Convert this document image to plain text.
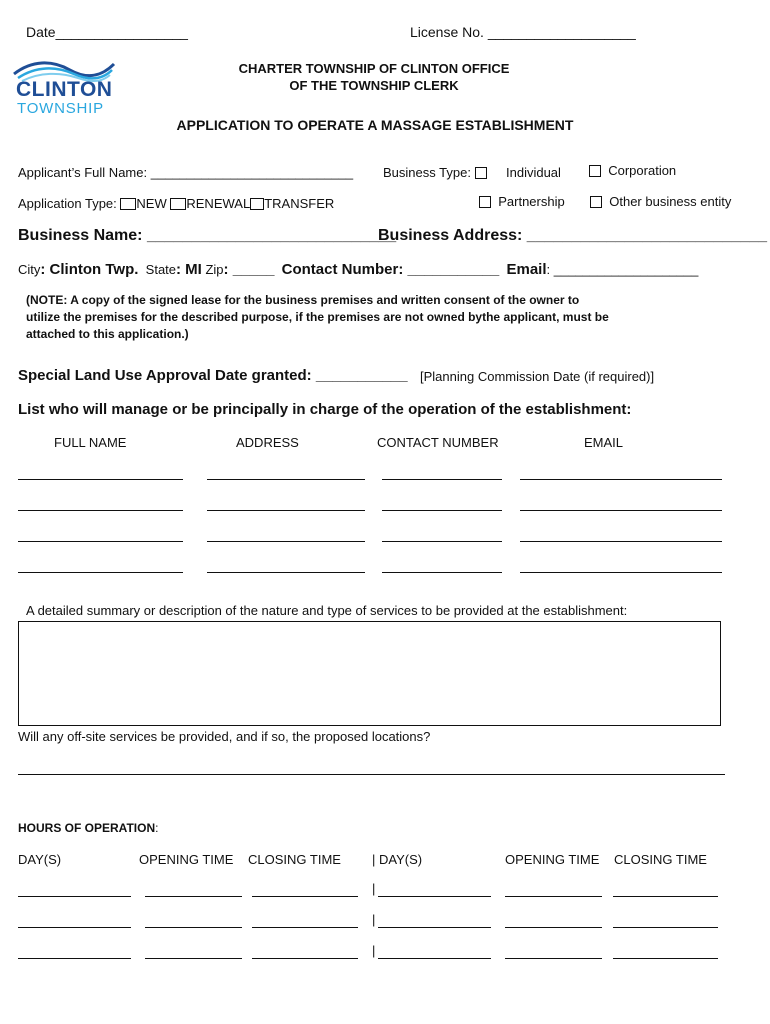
Date_________________	License No. ___________________
CLINTON
TOWNSHIP
CHARTER TOWNSHIP OF CLINTON OFFICE
OF THE TOWNSHIP CLERK
APPLICATION TO OPERATE A MASSAGE ESTABLISHMENT
Applicant’s Full Name: ____________________________ Business Type:	Individual	Corporation
Application Type: NEW RENEWAL TRANSFER	Partnership	Other business entity
Business Name: ____________________________
Business Address: ___________________________
City: Clinton Twp. State: MI Zip: _____ Contact Number: ___________ Email: ____________________
(NOTE: A copy of the signed lease for the business premises and written consent of the owner to
utilize the premises for the described purpose, if the premises are not owned bythe applicant, must be
attached to this application.)
Special Land Use Approval Date granted: ___________ [Planning Commission Date (if required)]
List who will manage or be principally in charge of the operation of the establishment:
FULL NAME	ADDRESS	CONTACT NUMBER	EMAIL
A detailed summary or description of the nature and type of services to be provided at the establishment:
Will any off-site services be provided, and if so, the proposed locations?
HOURS OF OPERATION:
DAY(S)	OPENING TIME CLOSING TIME | DAY(S)	OPENING TIME CLOSING TIME
|
|
|
